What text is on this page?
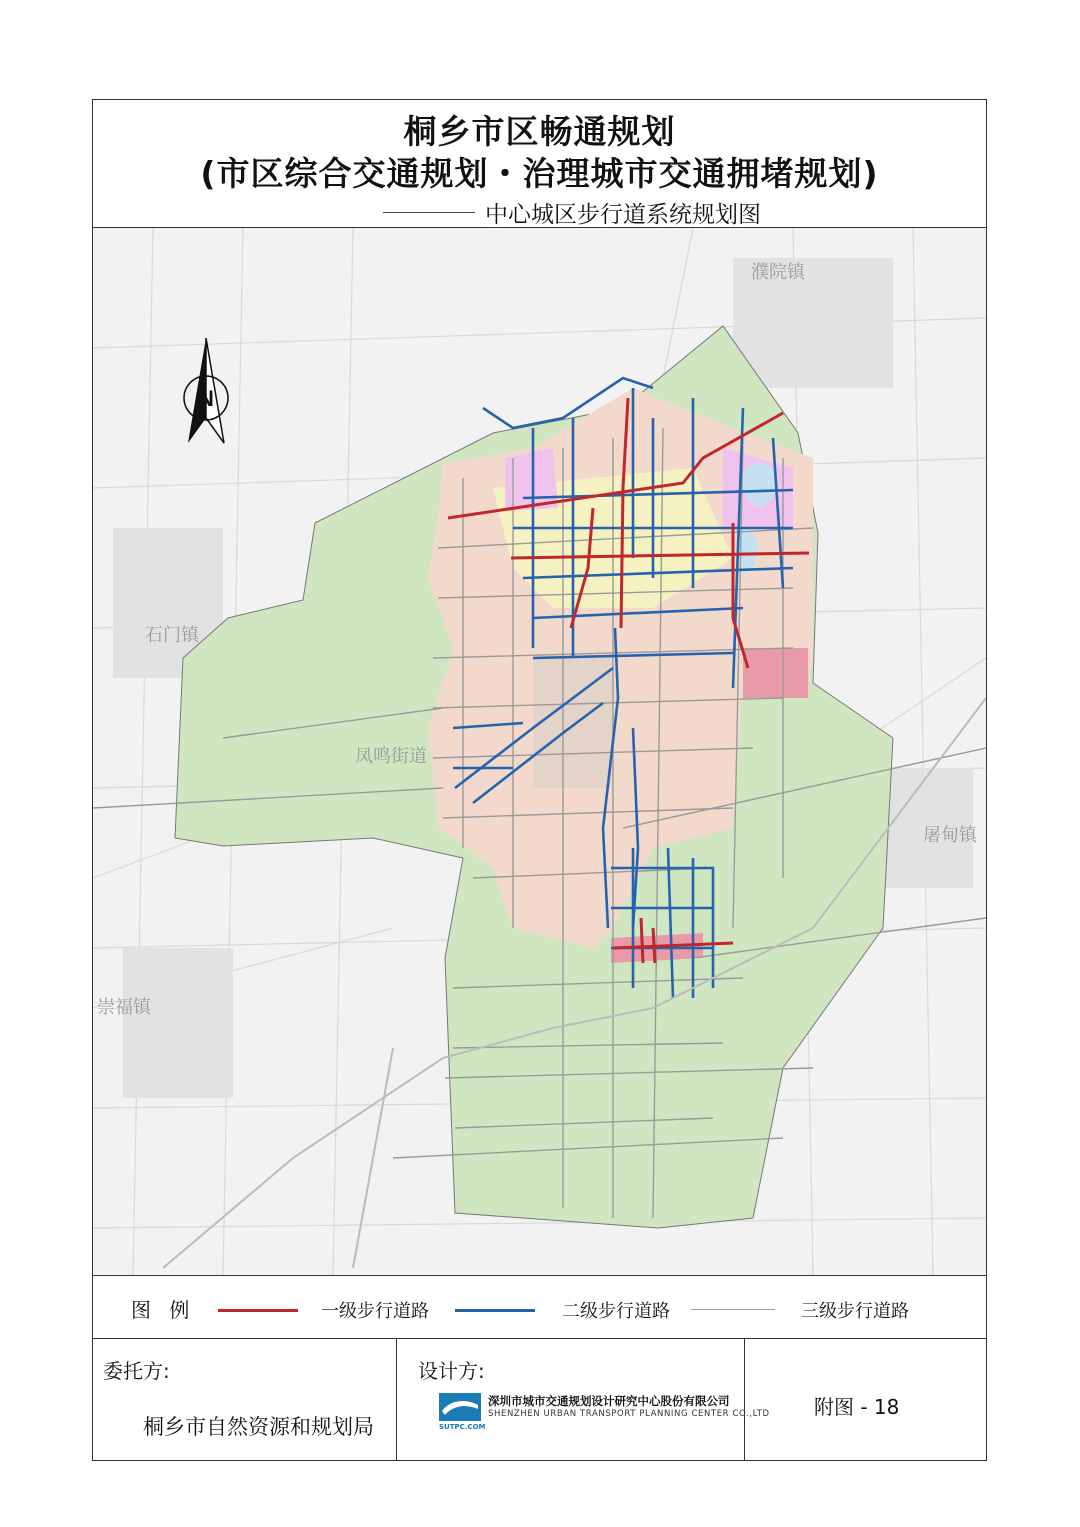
桐乡市区畅通规划
(市区综合交通规划・治理城市交通拥堵规划)
中心城区步行道系统规划图
N
濮院镇
石门镇
凤鸣街道
屠甸镇
崇福镇
图 例	一级步行道路	二级步行道路	三级步行道路
委托方:
桐乡市自然资源和规划局
设计方:
SUTPC.COM
深圳市城市交通规划设计研究中心股份有限公司
SHENZHEN URBAN TRANSPORT PLANNING CENTER CO.,LTD 附图 - 18
